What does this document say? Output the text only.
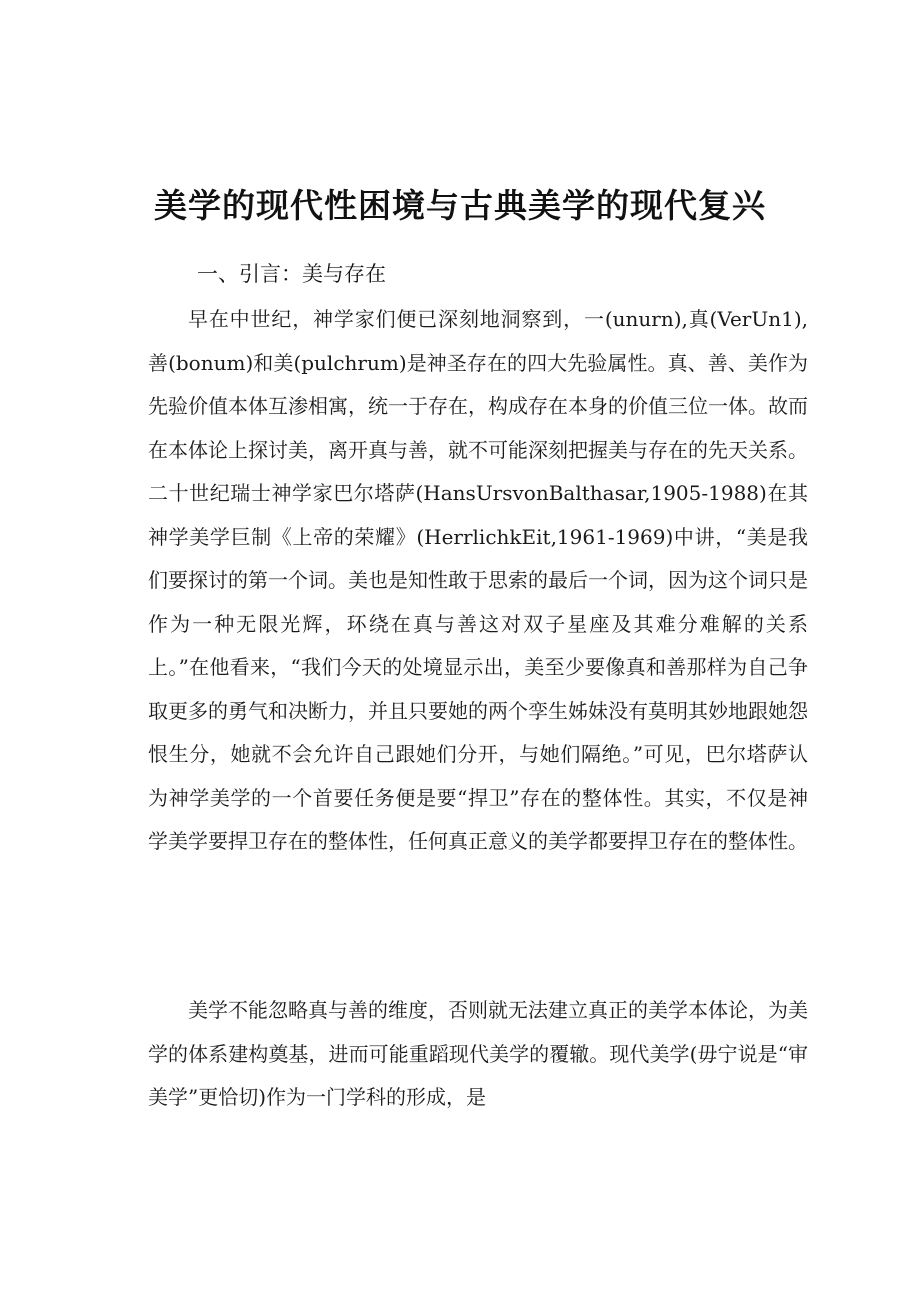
美学的现代性困境与古典美学的现代复兴
一、引言：美与存在

早在中世纪，神学家们便已深刻地洞察到，一(unurn),真(VerUn1),善(bonum)和美(pulchrum)是神圣存在的四大先验属性。真、善、美作为先验价值本体互渗相寓，统一于存在，构成存在本身的价值三位一体。故而在本体论上探讨美，离开真与善，就不可能深刻把握美与存在的先天关系。二十世纪瑞士神学家巴尔塔萨(HansUrsvonBalthasar,1905-1988)在其神学美学巨制《上帝的荣耀》(HerrlichkEit,1961-1969)中讲，“美是我们要探讨的第一个词。美也是知性敢于思索的最后一个词，因为这个词只是作为一种无限光辉，环绕在真与善这对双子星座及其难分难解的关系上。”在他看来，“我们今天的处境显示出，美至少要像真和善那样为自己争取更多的勇气和决断力，并且只要她的两个孪生姊妹没有莫明其妙地跟她怨恨生分，她就不会允许自己跟她们分开，与她们隔绝。”可见，巴尔塔萨认为神学美学的一个首要任务便是要“捍卫”存在的整体性。其实，不仅是神学美学要捍卫存在的整体性，任何真正意义的美学都要捍卫存在的整体性。

美学不能忽略真与善的维度，否则就无法建立真正的美学本体论，为美学的体系建构奠基，进而可能重蹈现代美学的覆辙。现代美学(毋宁说是“审美学”更恰切)作为一门学科的形成，是
